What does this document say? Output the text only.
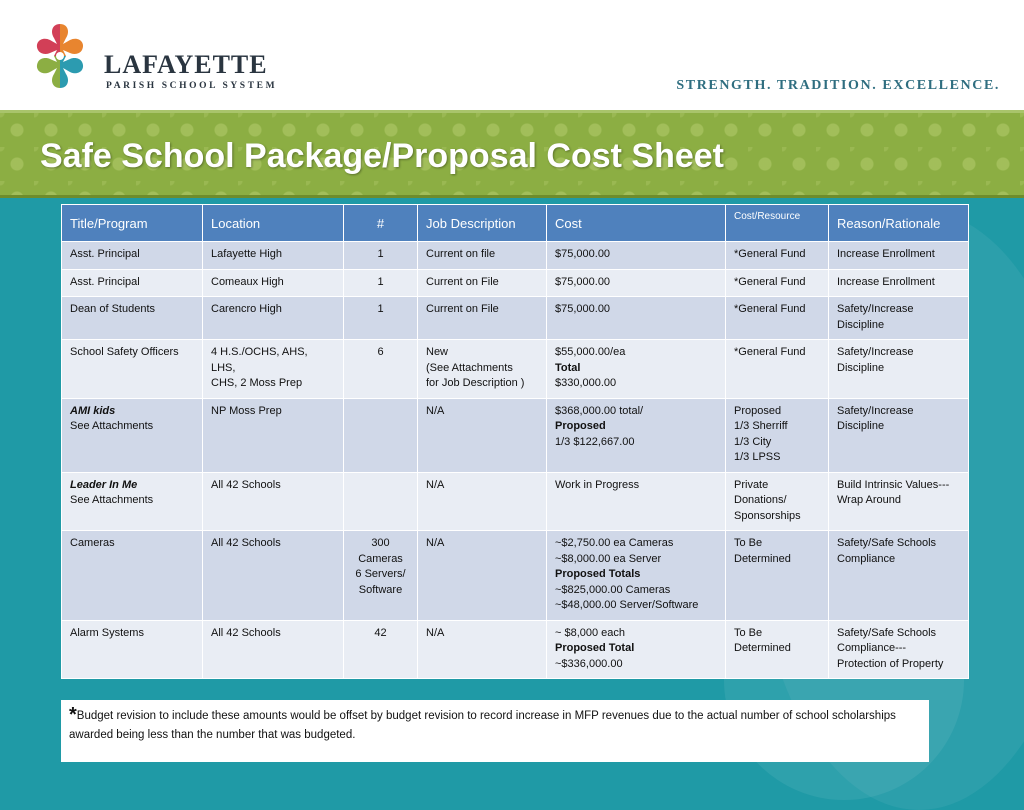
LAFAYETTE
PARISH SCHOOL SYSTEM	STRENGTH. TRADITION. EXCELLENCE.
Safe School Package/Proposal Cost Sheet
Title/Program	Location	#	Job Description	Cost	Cost/Resource	Reason/Rationale

Asst. Principal	Lafayette High	1	Current on file	$75,000.00	*General Fund	Increase Enrollment

Asst. Principal	Comeaux High	1	Current on File	$75,000.00	*General Fund	Increase Enrollment

Dean of Students	Carencro High	1	Current on File	$75,000.00	*General Fund	Safety/Increase
Discipline

School Safety Officers	4 H.S./OCHS, AHS, LHS,
CHS, 2 Moss Prep	6	New
(See Attachments
for Job Description )	$55,000.00/ea
Total
$330,000.00	*General Fund	Safety/Increase
Discipline

AMI kids
See Attachments	NP Moss Prep		N/A	$368,000.00 total/
Proposed
1/3 $122,667.00	Proposed
1/3 Sherriff
1/3 City
1/3 LPSS	Safety/Increase
Discipline

Leader In Me
See Attachments	All 42 Schools		N/A	Work in Progress	Private
Donations/
Sponsorships	Build Intrinsic Values---
Wrap Around

Cameras	All 42 Schools	300
Cameras
6 Servers/
Software	N/A	~$2,750.00 ea Cameras
~$8,000.00 ea Server
Proposed Totals
~$825,000.00 Cameras
~$48,000.00 Server/Software	To Be
Determined	Safety/Safe Schools
Compliance

Alarm Systems	All 42 Schools	42	N/A	~ $8,000 each
Proposed Total
~$336,000.00	To Be
Determined	Safety/Safe Schools
Compliance---
Protection of Property
*Budget revision to include these amounts would be offset by budget revision to record increase in MFP revenues due to the actual number of school scholarships awarded being less than the number that was budgeted.
